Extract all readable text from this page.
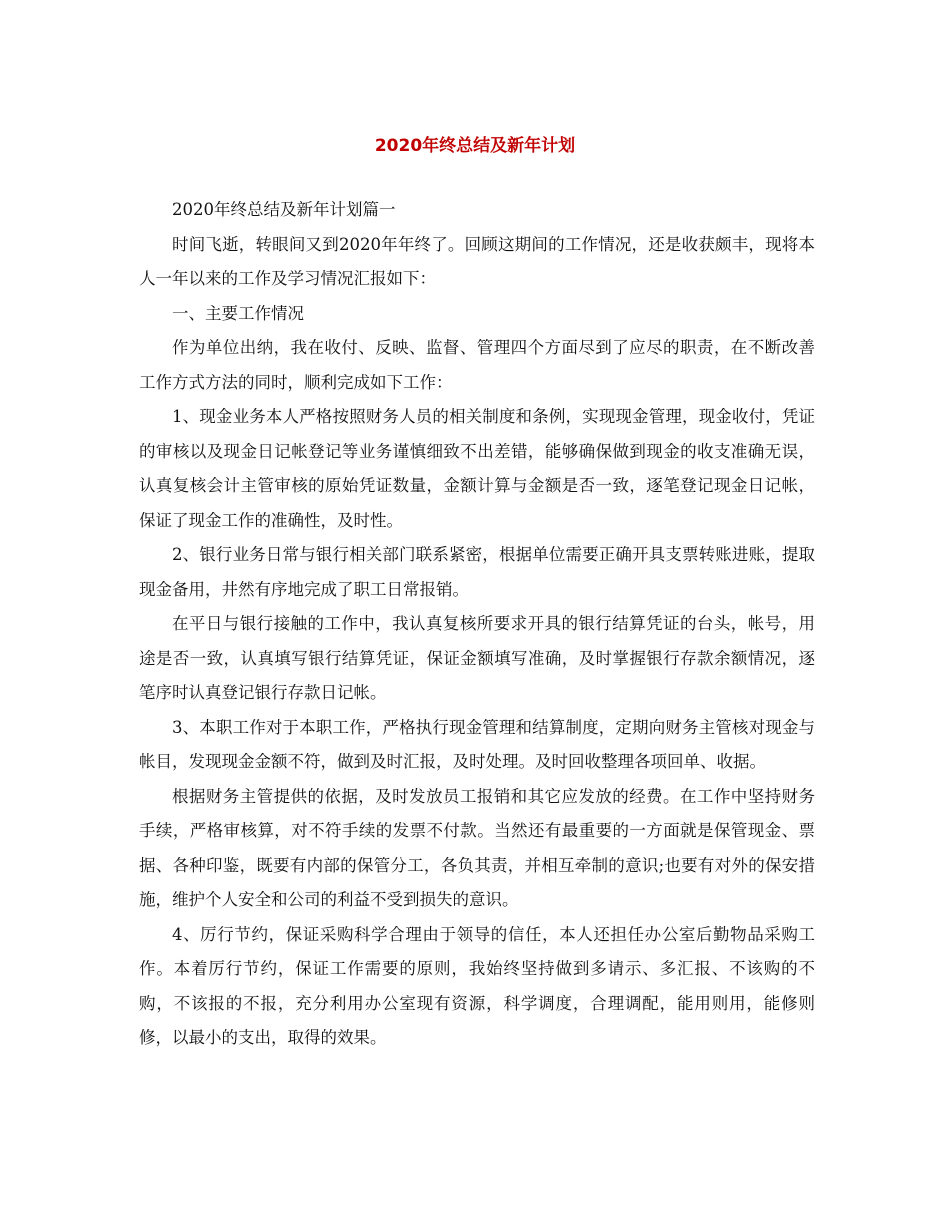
2020年终总结及新年计划

2020年终总结及新年计划篇一

时间飞逝，转眼间又到2020年年终了。回顾这期间的工作情况，还是收获颇丰，现将本人一年以来的工作及学习情况汇报如下：

一、主要工作情况

作为单位出纳，我在收付、反映、监督、管理四个方面尽到了应尽的职责，在不断改善工作方式方法的同时，顺利完成如下工作：

1、现金业务本人严格按照财务人员的相关制度和条例，实现现金管理，现金收付，凭证的审核以及现金日记帐登记等业务谨慎细致不出差错，能够确保做到现金的收支准确无误，认真复核会计主管审核的原始凭证数量，金额计算与金额是否一致，逐笔登记现金日记帐，保证了现金工作的准确性，及时性。

2、银行业务日常与银行相关部门联系紧密，根据单位需要正确开具支票转账进账，提取现金备用，井然有序地完成了职工日常报销。

在平日与银行接触的工作中，我认真复核所要求开具的银行结算凭证的台头，帐号，用途是否一致，认真填写银行结算凭证，保证金额填写准确，及时掌握银行存款余额情况，逐笔序时认真登记银行存款日记帐。

3、本职工作对于本职工作，严格执行现金管理和结算制度，定期向财务主管核对现金与帐目，发现现金金额不符，做到及时汇报，及时处理。及时回收整理各项回单、收据。

根据财务主管提供的依据，及时发放员工报销和其它应发放的经费。在工作中坚持财务手续，严格审核算，对不符手续的发票不付款。当然还有最重要的一方面就是保管现金、票据、各种印鉴，既要有内部的保管分工，各负其责，并相互牵制的意识;也要有对外的保安措施，维护个人安全和公司的利益不受到损失的意识。

4、厉行节约，保证采购科学合理由于领导的信任，本人还担任办公室后勤物品采购工作。本着厉行节约，保证工作需要的原则，我始终坚持做到多请示、多汇报、不该购的不购，不该报的不报，充分利用办公室现有资源，科学调度，合理调配，能用则用，能修则修，以最小的支出，取得的效果。
